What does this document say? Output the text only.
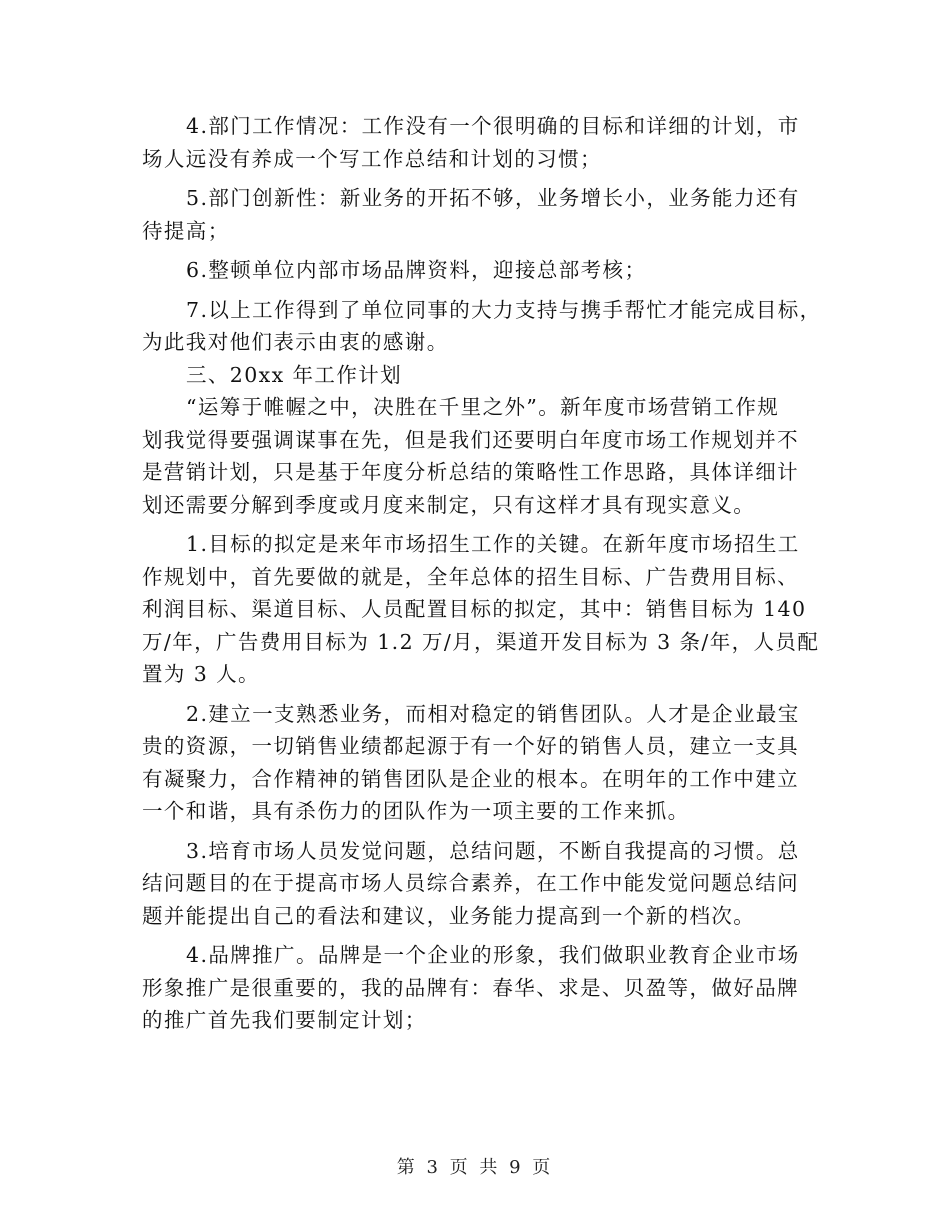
4.部门工作情况：工作没有一个很明确的目标和详细的计划，市
场人远没有养成一个写工作总结和计划的习惯；
5.部门创新性：新业务的开拓不够，业务增长小，业务能力还有
待提高；
6.整顿单位内部市场品牌资料，迎接总部考核；
7.以上工作得到了单位同事的大力支持与携手帮忙才能完成目标，
为此我对他们表示由衷的感谢。
三、20xx 年工作计划
“运筹于帷幄之中，决胜在千里之外”。新年度市场营销工作规
划我觉得要强调谋事在先，但是我们还要明白年度市场工作规划并不
是营销计划，只是基于年度分析总结的策略性工作思路，具体详细计
划还需要分解到季度或月度来制定，只有这样才具有现实意义。
1.目标的拟定是来年市场招生工作的关键。在新年度市场招生工
作规划中，首先要做的就是，全年总体的招生目标、广告费用目标、
利润目标、渠道目标、人员配置目标的拟定，其中：销售目标为 140
万/年，广告费用目标为 1.2 万/月，渠道开发目标为 3 条/年，人员配
置为 3 人。
2.建立一支熟悉业务，而相对稳定的销售团队。人才是企业最宝
贵的资源，一切销售业绩都起源于有一个好的销售人员，建立一支具
有凝聚力，合作精神的销售团队是企业的根本。在明年的工作中建立
一个和谐，具有杀伤力的团队作为一项主要的工作来抓。
3.培育市场人员发觉问题，总结问题，不断自我提高的习惯。总
结问题目的在于提高市场人员综合素养，在工作中能发觉问题总结问
题并能提出自己的看法和建议，业务能力提高到一个新的档次。
4.品牌推广。品牌是一个企业的形象，我们做职业教育企业市场
形象推广是很重要的，我的品牌有：春华、求是、贝盈等，做好品牌
的推广首先我们要制定计划；
第 3 页 共 9 页
